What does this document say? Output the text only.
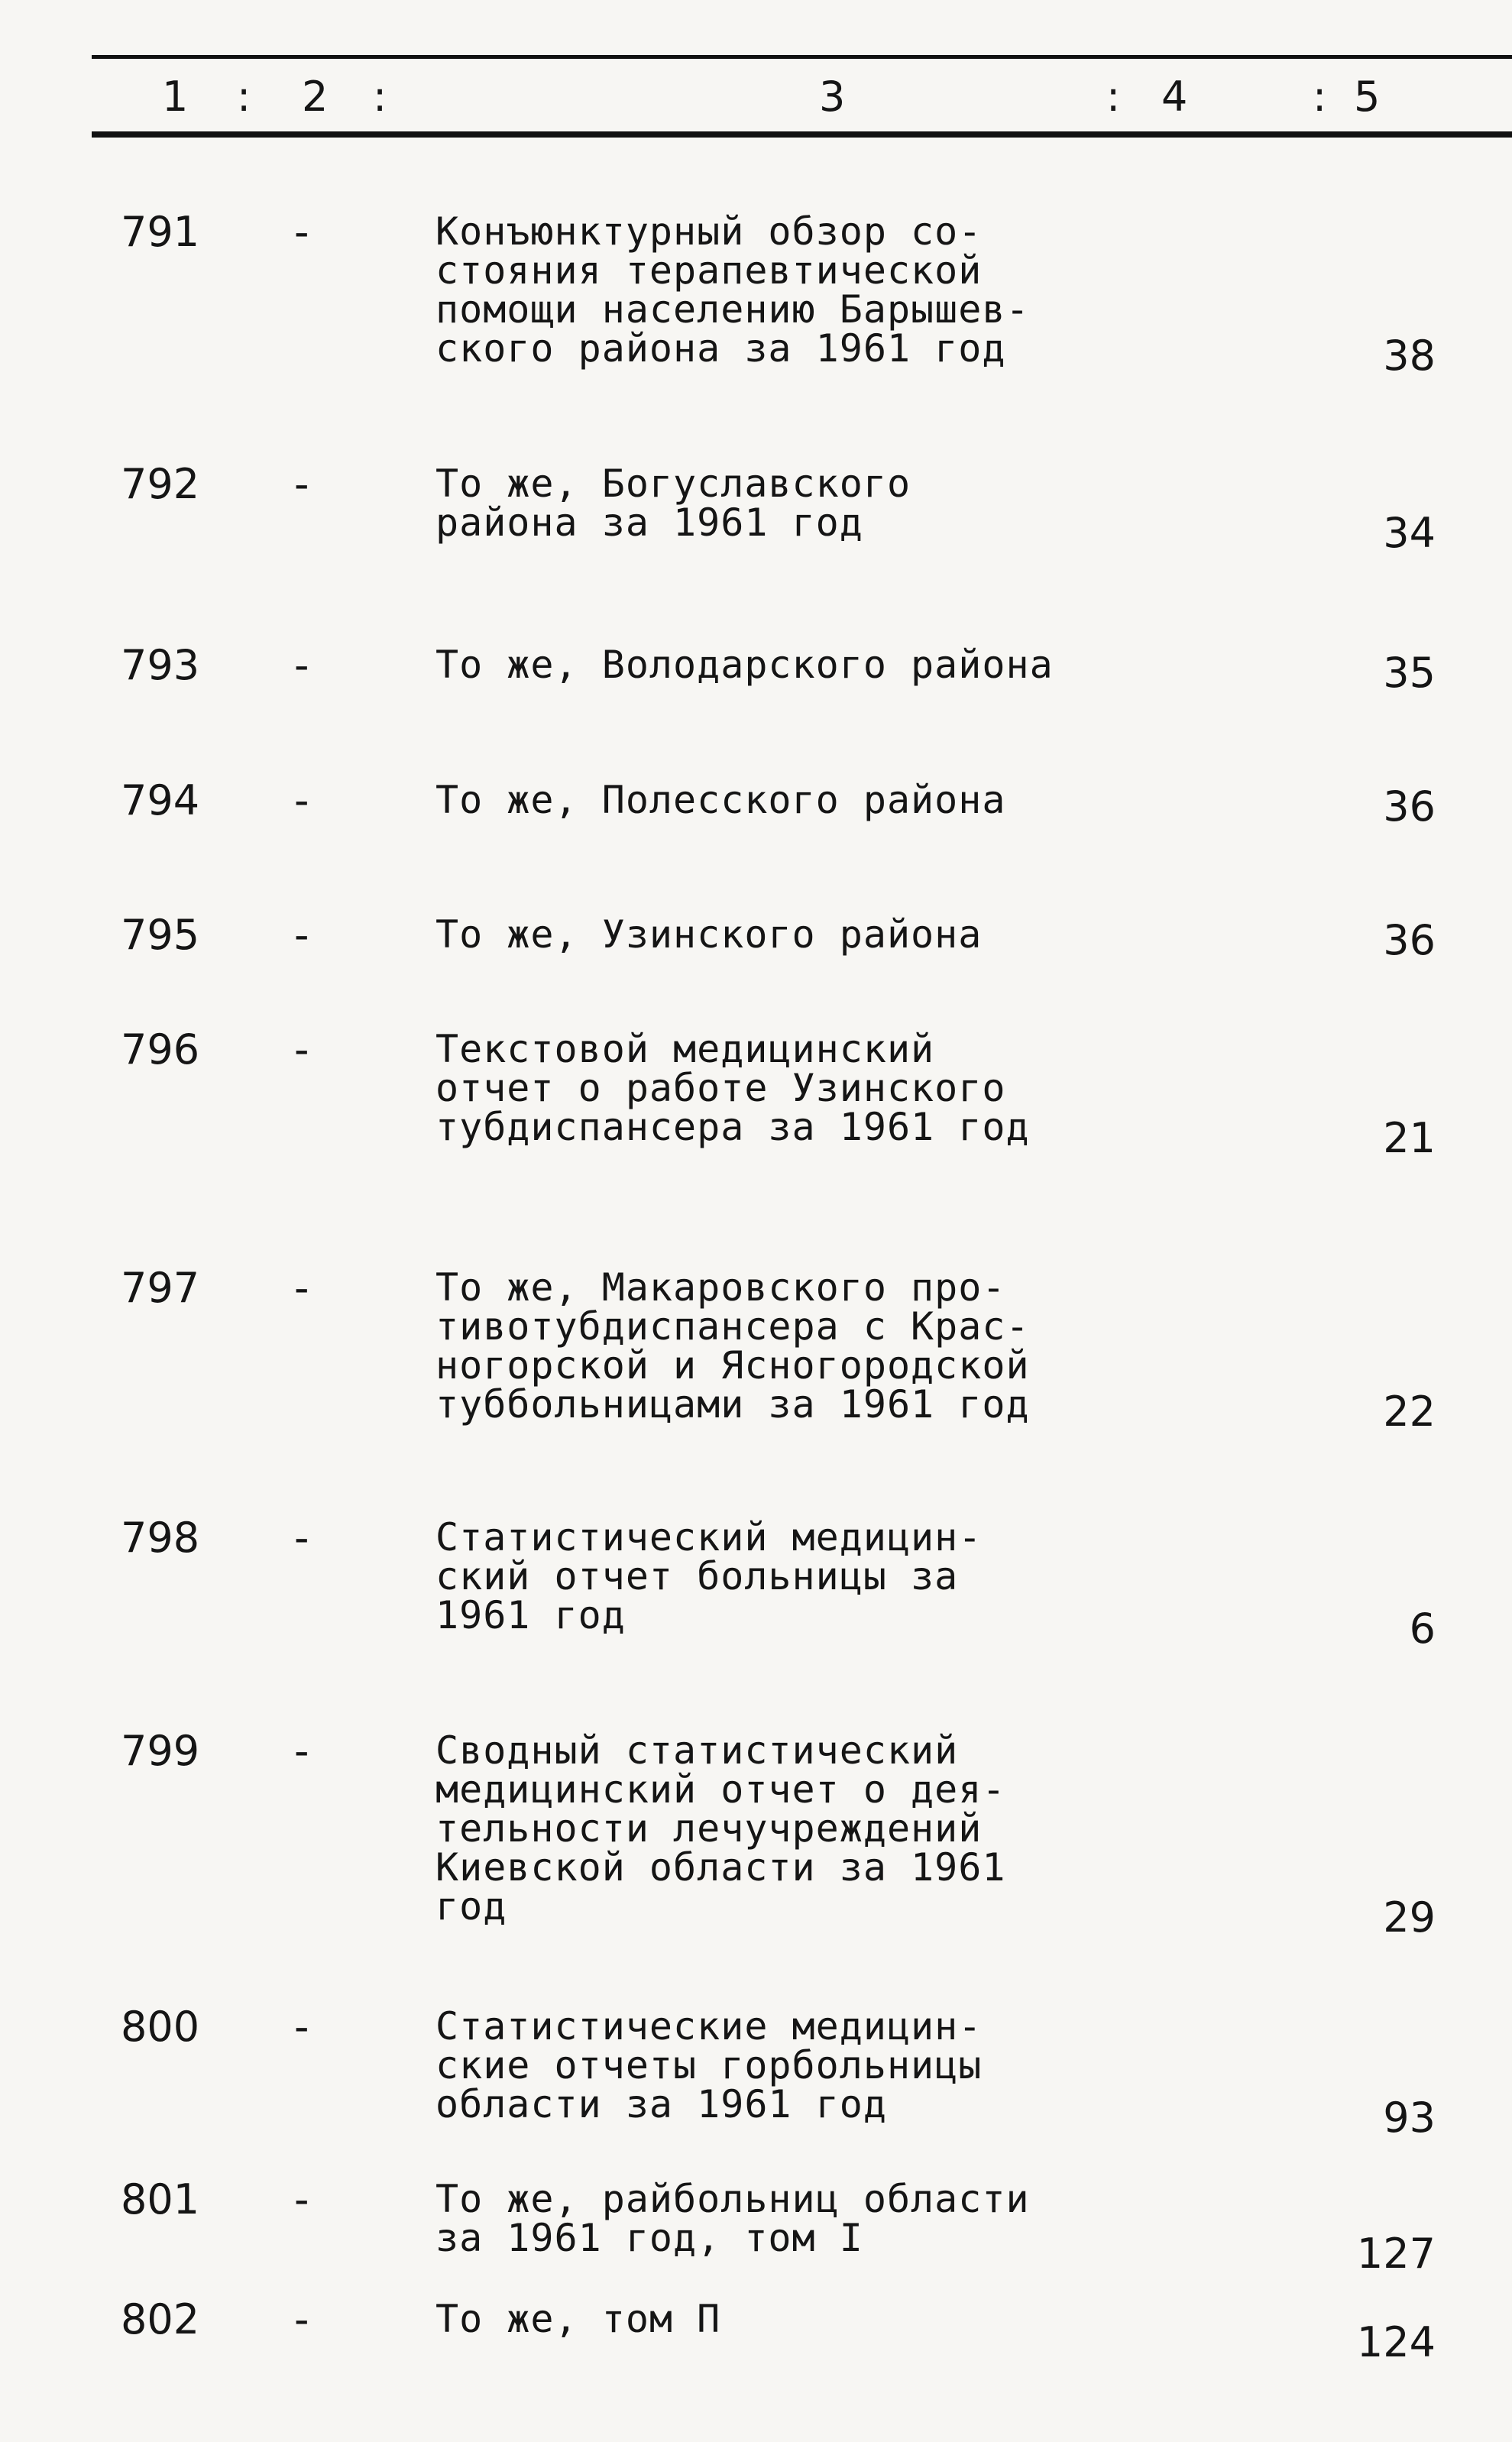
1 : 2 :	3	: 4	: 5
791 -	Конъюнктурный обзор со-
стояния терапевтической
помощи населению Барышев-
ского района за 1961 год	38
792 -	То же, Богуславского
района за 1961 год	34
793 -	То же, Володарского района	35
794 -	То же, Полесского района	36
795 -	То же, Узинского района	36
796 -	Текстовой медицинский
отчет о работе Узинского
тубдиспансера за 1961 год	21
797 -	То же, Макаровского про-
тивотубдиспансера с Крас-
ногорской и Ясногородской
туббольницами за 1961 год	22
798 -	Статистический медицин-
ский отчет больницы за
1961 год	6
799 -	Сводный статистический
медицинский отчет о дея-
тельности лечучреждений
Киевской области за 1961
год	29
800 -	Статистические медицин-
ские отчеты горбольницы
области за 1961 год	93
801 -	То же, райбольниц области
за 1961 год, том I	127
802 -	То же, том П	124
